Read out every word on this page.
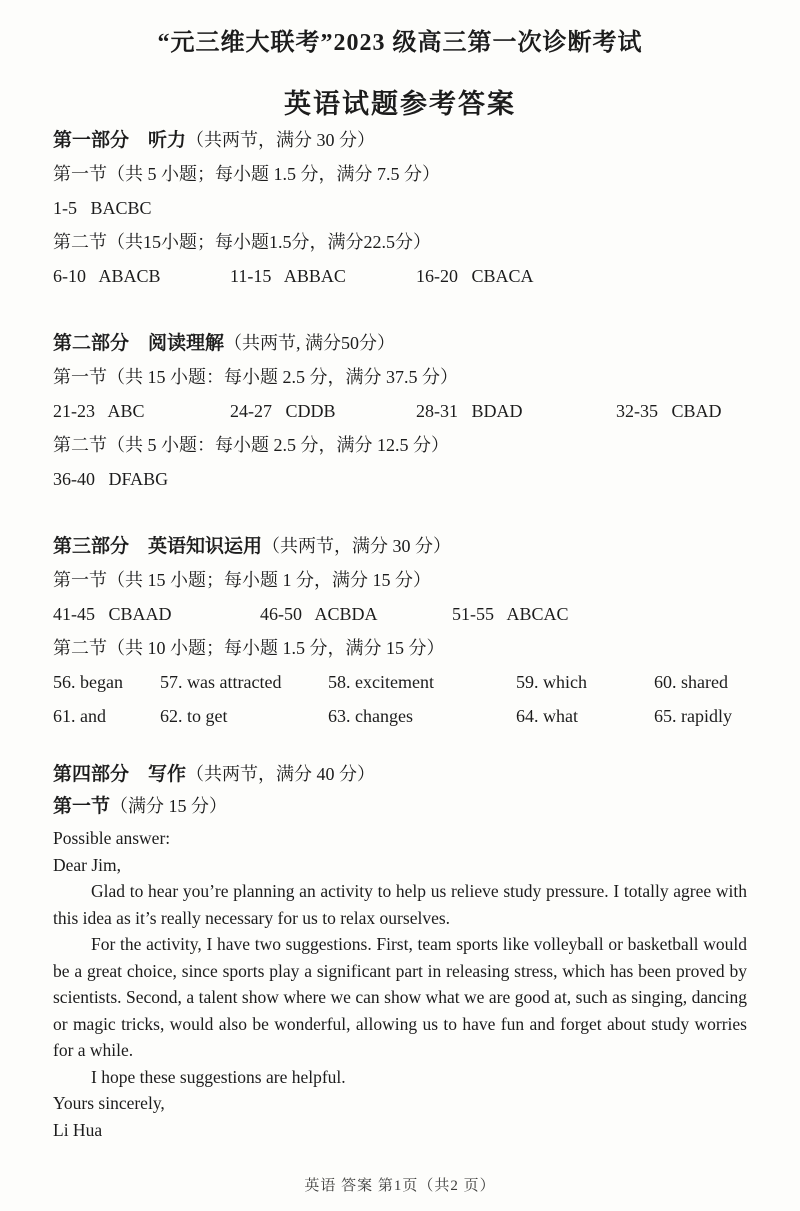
“元三维大联考”2023 级高三第一次诊断考试
英语试题参考答案
第一部分　听力 （共两节，满分 30 分）
第一节（共 5 小题；每小题 1.5 分，满分 7.5 分）
1-5   BACBC
第二节（共15小题；每小题1.5分，满分22.5分）
6-10   ABACB	11-15   ABBAC	16-20   CBACA
第二部分　阅读理解 （共两节, 满分50分）
第一节（共 15 小题：每小题 2.5 分，满分 37.5 分）
21-23   ABC	24-27   CDDB	28-31   BDAD	32-35   CBAD
第二节（共 5 小题：每小题 2.5 分，满分 12.5 分）
36-40   DFABG
第三部分　英语知识运用 （共两节，满分 30 分）
第一节（共 15 小题；每小题 1 分，满分 15 分）
41-45   CBAAD	46-50   ACBDA	51-55   ABCAC
第二节（共 10 小题；每小题 1.5 分，满分 15 分）
56. began	57. was attracted	58. excitement	59. which	60. shared
61. and	62. to get	63. changes	64. what	65. rapidly
第四部分　写作 （共两节，满分 40 分）
第一节 （满分 15 分）

Possible answer:

Dear Jim,

Glad to hear you’re planning an activity to help us relieve study pressure. I totally agree with this idea as it’s really necessary for us to relax ourselves.

For the activity, I have two suggestions. First, team sports like volleyball or basketball would be a great choice, since sports play a significant part in releasing stress, which has been proved by scientists. Second, a talent show where we can show what we are good at, such as singing, dancing or magic tricks, would also be wonderful, allowing us to have fun and forget about study worries for a while.

I hope these suggestions are helpful.

Yours sincerely,

Li Hua

英语 答案 第1页（共2 页）
